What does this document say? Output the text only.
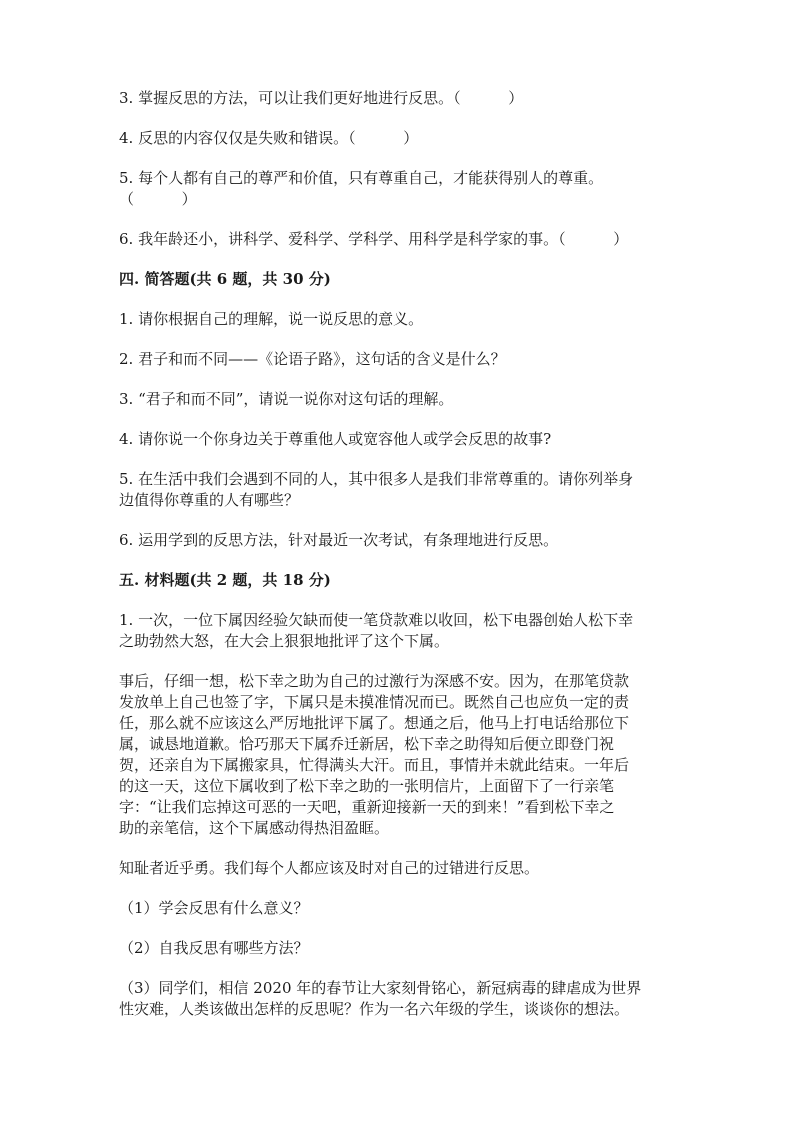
3. 掌握反思的方法，可以让我们更好地进行反思。（          ）

4. 反思的内容仅仅是失败和错误。（          ）

5. 每个人都有自己的尊严和价值，只有尊重自己，才能获得别人的尊重。

（          ）

6. 我年龄还小，讲科学、爱科学、学科学、用科学是科学家的事。（          ）

四. 简答题(共 6 题，共 30 分)

1. 请你根据自己的理解，说一说反思的意义。

2. 君子和而不同——《论语子路》，这句话的含义是什么？

3. “君子和而不同”，请说一说你对这句话的理解。

4. 请你说一个你身边关于尊重他人或宽容他人或学会反思的故事?

5. 在生活中我们会遇到不同的人，其中很多人是我们非常尊重的。请你列举身

边值得你尊重的人有哪些？

6. 运用学到的反思方法，针对最近一次考试，有条理地进行反思。

五. 材料题(共 2 题，共 18 分)

1. 一次，一位下属因经验欠缺而使一笔贷款难以收回，松下电器创始人松下幸

之助勃然大怒，在大会上狠狠地批评了这个下属。

事后，仔细一想，松下幸之助为自己的过激行为深感不安。因为，在那笔贷款

发放单上自己也签了字，下属只是未摸准情况而已。既然自己也应负一定的责

任，那么就不应该这么严厉地批评下属了。想通之后，他马上打电话给那位下

属，诚恳地道歉。恰巧那天下属乔迁新居，松下幸之助得知后便立即登门祝

贺，还亲自为下属搬家具，忙得满头大汗。而且，事情并未就此结束。一年后

的这一天，这位下属收到了松下幸之助的一张明信片，上面留下了一行亲笔

字：“让我们忘掉这可恶的一天吧，重新迎接新一天的到来！”看到松下幸之

助的亲笔信，这个下属感动得热泪盈眶。

知耻者近乎勇。我们每个人都应该及时对自己的过错进行反思。

（1）学会反思有什么意义？

（2）自我反思有哪些方法？

（3）同学们，相信 2020 年的春节让大家刻骨铭心，新冠病毒的肆虐成为世界

性灾难，人类该做出怎样的反思呢？作为一名六年级的学生，谈谈你的想法。
